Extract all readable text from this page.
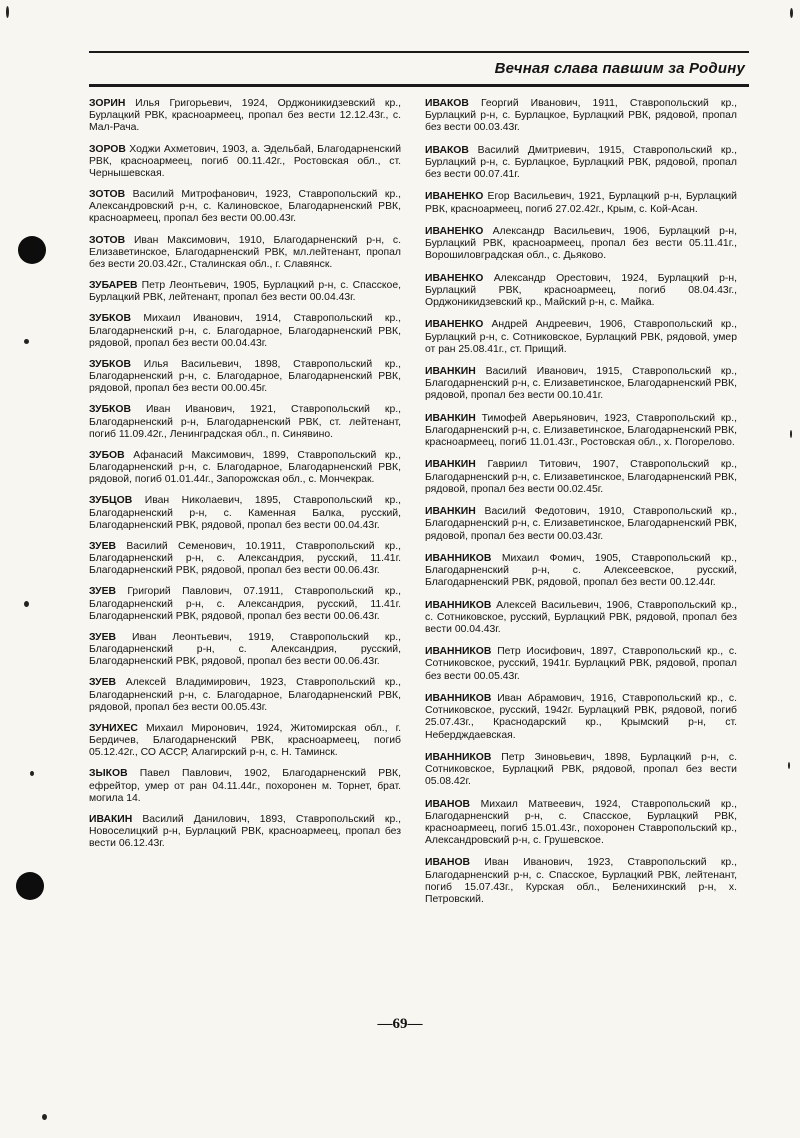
Вечная слава павшим за Родину

ЗОРИН Илья Григорьевич, 1924, Орджоникидзевский кр., Бурлацкий РВК, красноармеец, пропал без вести 12.12.43г., с. Мал-Рача.

ЗОРОВ Ходжи Ахметович, 1903, а. Эдельбай, Благодарненский РВК, красноармеец, погиб 00.11.42г., Ростовская обл., ст. Чернышевская.

ЗОТОВ Василий Митрофанович, 1923, Ставропольский кр., Александровский р-н, с. Калиновское, Благодарненский РВК, красноармеец, пропал без вести 00.00.43г.

ЗОТОВ Иван Максимович, 1910, Благодарненский р-н, с. Елизаветинское, Благодарненский РВК, мл.лейтенант, пропал без вести 20.03.42г., Сталинская обл., г. Славянск.

ЗУБАРЕВ Петр Леонтьевич, 1905, Бурлацкий р-н, с. Спасское, Бурлацкий РВК, лейтенант, пропал без вести 00.04.43г.

ЗУБКОВ Михаил Иванович, 1914, Ставропольский кр., Благодарненский р-н, с. Благодарное, Благодарненский РВК, рядовой, пропал без вести 00.04.43г.

ЗУБКОВ Илья Васильевич, 1898, Ставропольский кр., Благодарненский р-н, с. Благодарное, Благодарненский РВК, рядовой, пропал без вести 00.00.45г.

ЗУБКОВ Иван Иванович, 1921, Ставропольский кр., Благодарненский р-н, Благодарненский РВК, ст. лейтенант, погиб 11.09.42г., Ленинградская обл., п. Синявино.

ЗУБОВ Афанасий Максимович, 1899, Ставропольский кр., Благодарненский р-н, с. Благодарное, Благодарненский РВК, рядовой, погиб 01.01.44г., Запорожская обл., с. Мончекрак.

ЗУБЦОВ Иван Николаевич, 1895, Ставропольский кр., Благодарненский р-н, с. Каменная Балка, русский, Благодарненский РВК, рядовой, пропал без вести 00.04.43г.

ЗУЕВ Василий Семенович, 10.1911, Ставропольский кр., Благодарненский р-н, с. Александрия, русский, 11.41г. Благодарненский РВК, рядовой, пропал без вести 00.06.43г.

ЗУЕВ Григорий Павлович, 07.1911, Ставропольский кр., Благодарненский р-н, с. Александрия, русский, 11.41г. Благодарненский РВК, рядовой, пропал без вести 00.06.43г.

ЗУЕВ Иван Леонтьевич, 1919, Ставропольский кр., Благодарненский р-н, с. Александрия, русский, Благодарненский РВК, рядовой, пропал без вести 00.06.43г.

ЗУЕВ Алексей Владимирович, 1923, Ставропольский кр., Благодарненский р-н, с. Благодарное, Благодарненский РВК, рядовой, пропал без вести 00.05.43г.

ЗУНИХЕС Михаил Миронович, 1924, Житомирская обл., г. Бердичев, Благодарненский РВК, красноармеец, погиб 05.12.42г., СО АССР, Алагирский р-н, с. Н. Таминск.

ЗЫКОВ Павел Павлович, 1902, Благодарненский РВК, ефрейтор, умер от ран 04.11.44г., похоронен м. Торнет, брат. могила 14.

ИВАКИН Василий Данилович, 1893, Ставропольский кр., Новоселицкий р-н, Бурлацкий РВК, красноармеец, пропал без вести 06.12.43г.

ИВАКОВ Георгий Иванович, 1911, Ставропольский кр., Бурлацкий р-н, с. Бурлацкое, Бурлацкий РВК, рядовой, пропал без вести 00.03.43г.

ИВАКОВ Василий Дмитриевич, 1915, Ставропольский кр., Бурлацкий р-н, с. Бурлацкое, Бурлацкий РВК, рядовой, пропал без вести 00.07.41г.

ИВАНЕНКО Егор Васильевич, 1921, Бурлацкий р-н, Бурлацкий РВК, красноармеец, погиб 27.02.42г., Крым, с. Кой-Асан.

ИВАНЕНКО Александр Васильевич, 1906, Бурлацкий р-н, Бурлацкий РВК, красноармеец, пропал без вести 05.11.41г., Ворошиловградская обл., с. Дьяково.

ИВАНЕНКО Александр Орестович, 1924, Бурлацкий р-н, Бурлацкий РВК, красноармеец, погиб 08.04.43г., Орджоникидзевский кр., Майский р-н, с. Майка.

ИВАНЕНКО Андрей Андреевич, 1906, Ставропольский кр., Бурлацкий р-н, с. Сотниковское, Бурлацкий РВК, рядовой, умер от ран 25.08.41г., ст. Прищий.

ИВАНКИН Василий Иванович, 1915, Ставропольский кр., Благодарненский р-н, с. Елизаветинское, Благодарненский РВК, рядовой, пропал без вести 00.10.41г.

ИВАНКИН Тимофей Аверьянович, 1923, Ставропольский кр., Благодарненский р-н, с. Елизаветинское, Благодарненский РВК, красноармеец, погиб 11.01.43г., Ростовская обл., х. Погорелово.

ИВАНКИН Гавриил Титович, 1907, Ставропольский кр., Благодарненский р-н, с. Елизаветинское, Благодарненский РВК, рядовой, пропал без вести 00.02.45г.

ИВАНКИН Василий Федотович, 1910, Ставропольский кр., Благодарненский р-н, с. Елизаветинское, Благодарненский РВК, рядовой, пропал без вести 00.03.43г.

ИВАННИКОВ Михаил Фомич, 1905, Ставропольский кр., Благодарненский р-н, с. Алексеевское, русский, Благодарненский РВК, рядовой, пропал без вести 00.12.44г.

ИВАННИКОВ Алексей Васильевич, 1906, Ставропольский кр., с. Сотниковское, русский, Бурлацкий РВК, рядовой, пропал без вести 00.04.43г.

ИВАННИКОВ Петр Иосифович, 1897, Ставропольский кр., с. Сотниковское, русский, 1941г. Бурлацкий РВК, рядовой, пропал без вести 00.05.43г.

ИВАННИКОВ Иван Абрамович, 1916, Ставропольский кр., с. Сотниковское, русский, 1942г. Бурлацкий РВК, рядовой, погиб 25.07.43г., Краснодарский кр., Крымский р-н, ст. Небердждаевская.

ИВАННИКОВ Петр Зиновьевич, 1898, Бурлацкий р-н, с. Сотниковское, Бурлацкий РВК, рядовой, пропал без вести 05.08.42г.

ИВАНОВ Михаил Матвеевич, 1924, Ставропольский кр., Благодарненский р-н, с. Спасское, Бурлацкий РВК, красноармеец, погиб 15.01.43г., похоронен Ставропольский кр., Александровский р-н, с. Грушевское.

ИВАНОВ Иван Иванович, 1923, Ставропольский кр., Благодарненский р-н, с. Спасское, Бурлацкий РВК, лейтенант, погиб 15.07.43г., Курская обл., Беленихинский р-н, х. Петровский.

—69—
